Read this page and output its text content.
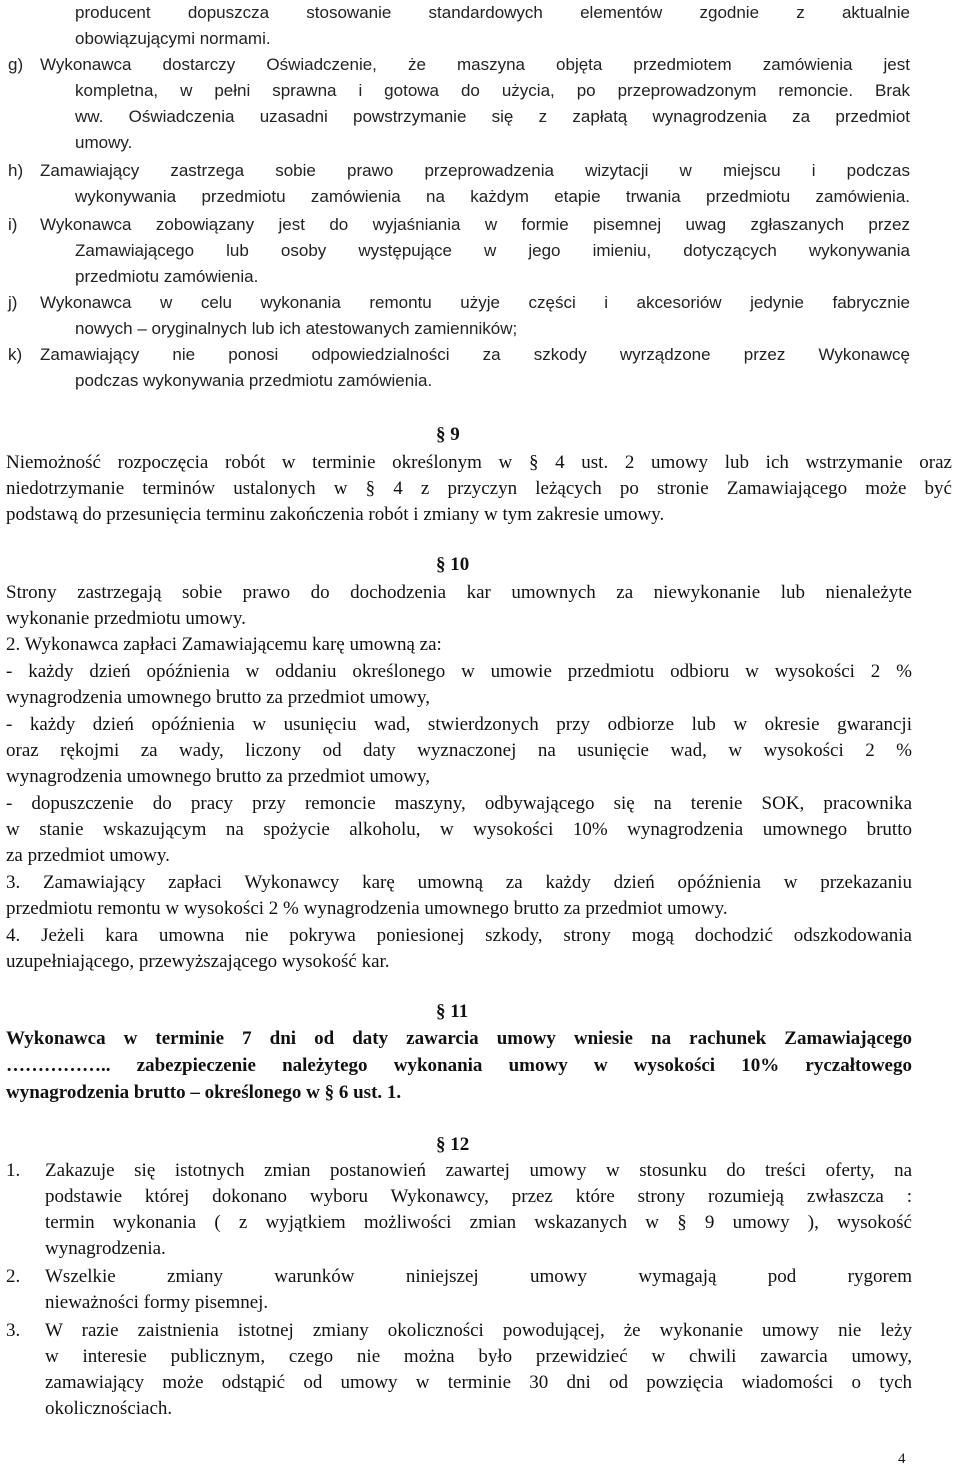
producent dopuszcza stosowanie standardowych elementów zgodnie z aktualnie
obowiązującymi normami.
g) Wykonawca dostarczy Oświadczenie, że maszyna objęta przedmiotem zamówienia jest
kompletna, w pełni sprawna i gotowa do użycia, po przeprowadzonym remoncie. Brak
ww. Oświadczenia uzasadni powstrzymanie się z zapłatą wynagrodzenia za przedmiot
umowy.
h) Zamawiający zastrzega sobie prawo przeprowadzenia wizytacji w miejscu i podczas
wykonywania przedmiotu zamówienia na każdym etapie trwania przedmiotu zamówienia.
i) Wykonawca zobowiązany jest do wyjaśniania w formie pisemnej uwag zgłaszanych przez
Zamawiającego lub osoby występujące w jego imieniu, dotyczących wykonywania
przedmiotu zamówienia.
j) Wykonawca w celu wykonania remontu użyje części i akcesoriów jedynie fabrycznie
nowych – oryginalnych lub ich atestowanych zamienników;
k) Zamawiający nie ponosi odpowiedzialności za szkody wyrządzone przez Wykonawcę
podczas wykonywania przedmiotu zamówienia.
§ 9
Niemożność rozpoczęcia robót w terminie określonym w § 4 ust. 2 umowy lub ich wstrzymanie oraz
niedotrzymanie terminów ustalonych w § 4 z przyczyn leżących po stronie Zamawiającego może być
podstawą do przesunięcia terminu zakończenia robót i zmiany w tym zakresie umowy.
§ 10
Strony zastrzegają sobie prawo do dochodzenia kar umownych za niewykonanie lub nienależyte
wykonanie przedmiotu umowy.
2. Wykonawca zapłaci Zamawiającemu karę umowną za:
- każdy dzień opóźnienia w oddaniu określonego w umowie przedmiotu odbioru w wysokości 2 %
wynagrodzenia umownego brutto za przedmiot umowy,
- każdy dzień opóźnienia w usunięciu wad, stwierdzonych przy odbiorze lub w okresie gwarancji
oraz rękojmi za wady, liczony od daty wyznaczonej na usunięcie wad, w wysokości 2 %
wynagrodzenia umownego brutto za przedmiot umowy,
- dopuszczenie do pracy przy remoncie maszyny, odbywającego się na terenie SOK, pracownika
w stanie wskazującym na spożycie alkoholu, w wysokości 10% wynagrodzenia umownego brutto
za przedmiot umowy.
3. Zamawiający zapłaci Wykonawcy karę umowną za każdy dzień opóźnienia w przekazaniu
przedmiotu remontu w wysokości 2 % wynagrodzenia umownego brutto za przedmiot umowy.
4. Jeżeli kara umowna nie pokrywa poniesionej szkody, strony mogą dochodzić odszkodowania
uzupełniającego, przewyższającego wysokość kar.
§ 11
Wykonawca w terminie 7 dni od daty zawarcia umowy wniesie na rachunek Zamawiającego
…………….. zabezpieczenie należytego wykonania umowy w wysokości 10% ryczałtowego
wynagrodzenia brutto – określonego w § 6 ust. 1.
§ 12
1. Zakazuje się istotnych zmian postanowień zawartej umowy w stosunku do treści oferty, na
podstawie której dokonano wyboru Wykonawcy, przez które strony rozumieją zwłaszcza :
termin wykonania ( z wyjątkiem możliwości zmian wskazanych w § 9 umowy ), wysokość
wynagrodzenia.
2. Wszelkie zmiany warunków niniejszej umowy wymagają pod rygorem
nieważności formy pisemnej.
3. W razie zaistnienia istotnej zmiany okoliczności powodującej, że wykonanie umowy nie leży
w interesie publicznym, czego nie można było przewidzieć w chwili zawarcia umowy,
zamawiający może odstąpić od umowy w terminie 30 dni od powzięcia wiadomości o tych
okolicznościach.
4
